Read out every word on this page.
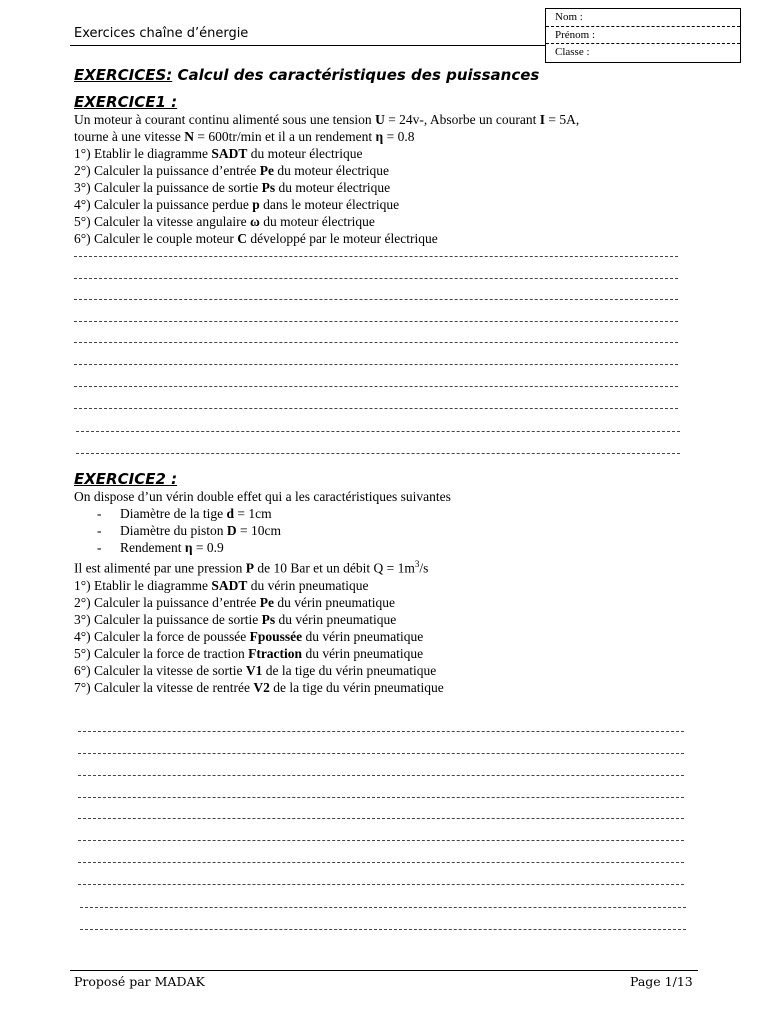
Exercices chaîne d’énergie
Nom :
Prénom :
Classe :
EXERCICES: Calcul des caractéristiques des puissances
EXERCICE1 :
Un moteur à courant continu alimenté sous une tension U = 24v-, Absorbe un courant I = 5A,
tourne à une vitesse N = 600tr/min et il a un rendement η = 0.8
1°) Etablir le diagramme SADT du moteur électrique
2°) Calculer la puissance d’entrée Pe du moteur électrique
3°) Calculer la puissance de sortie Ps du moteur électrique
4°) Calculer la puissance perdue p dans le moteur électrique
5°) Calculer la vitesse angulaire ω du moteur électrique
6°) Calculer le couple moteur C développé par le moteur électrique
EXERCICE2 :
On dispose d’un vérin double effet qui a les caractéristiques suivantes
- Diamètre de la tige d = 1cm
- Diamètre du piston D = 10cm
- Rendement η = 0.9
Il est alimenté par une pression P de 10 Bar et un débit $Q = 1m^3/s$
1°) Etablir le diagramme SADT du vérin pneumatique
2°) Calculer la puissance d’entrée Pe du vérin pneumatique
3°) Calculer la puissance de sortie Ps du vérin pneumatique
4°) Calculer la force de poussée Fpoussée du vérin pneumatique
5°) Calculer la force de traction Ftraction du vérin pneumatique
6°) Calculer la vitesse de sortie V1 de la tige du vérin pneumatique
7°) Calculer la vitesse de rentrée V2 de la tige du vérin pneumatique
Proposé par MADAK	Page 1/13
